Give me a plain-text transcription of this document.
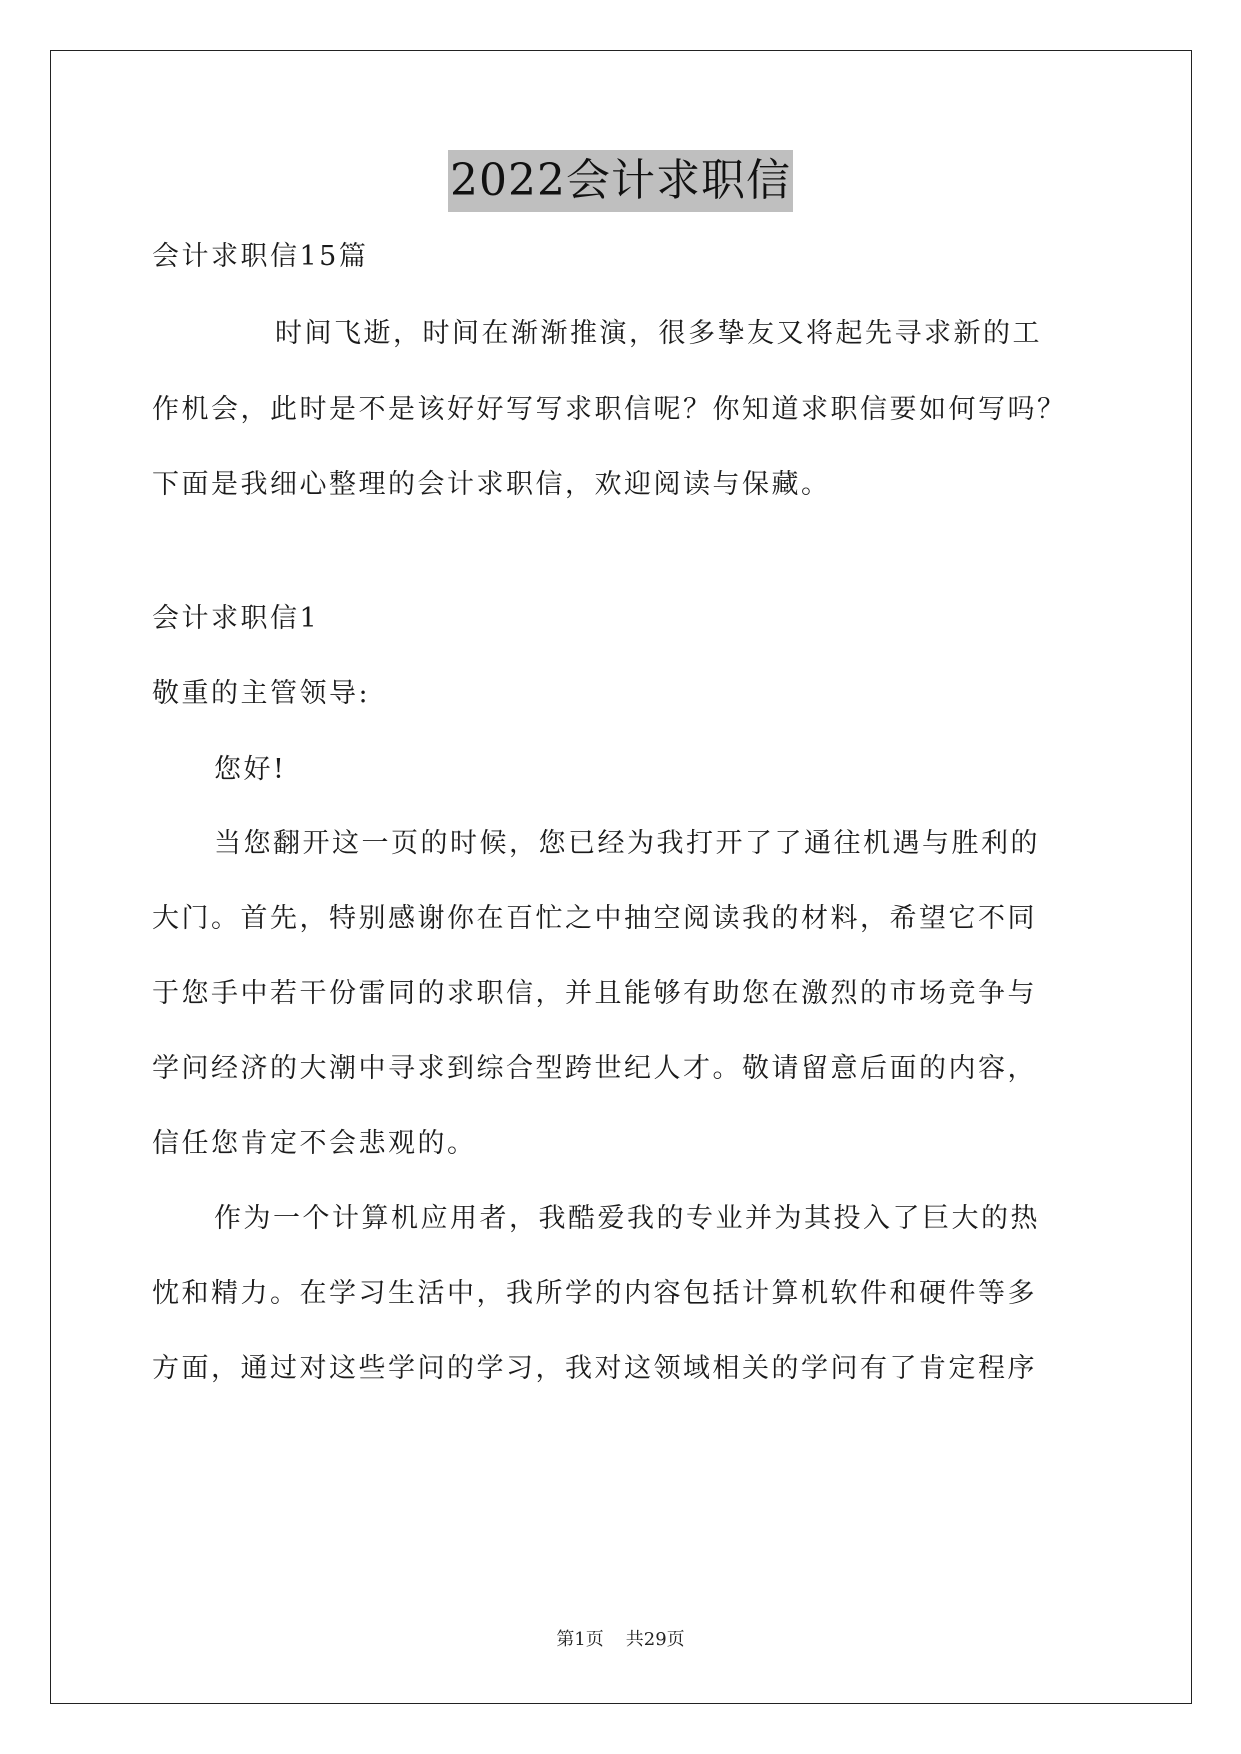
2022会计求职信
会计求职信15篇
时间飞逝，时间在渐渐推演，很多挚友又将起先寻求新的工
作机会，此时是不是该好好写写求职信呢？你知道求职信要如何写吗？
下面是我细心整理的会计求职信，欢迎阅读与保藏。
会计求职信1
敬重的主管领导:
您好!
当您翻开这一页的时候，您已经为我打开了了通往机遇与胜利的
大门。首先，特别感谢你在百忙之中抽空阅读我的材料，希望它不同
于您手中若干份雷同的求职信，并且能够有助您在激烈的市场竞争与
学问经济的大潮中寻求到综合型跨世纪人才。敬请留意后面的内容，
信任您肯定不会悲观的。
作为一个计算机应用者，我酷爱我的专业并为其投入了巨大的热
忱和精力。在学习生活中，我所学的内容包括计算机软件和硬件等多
方面，通过对这些学问的学习，我对这领域相关的学问有了肯定程序
第1页 共29页
